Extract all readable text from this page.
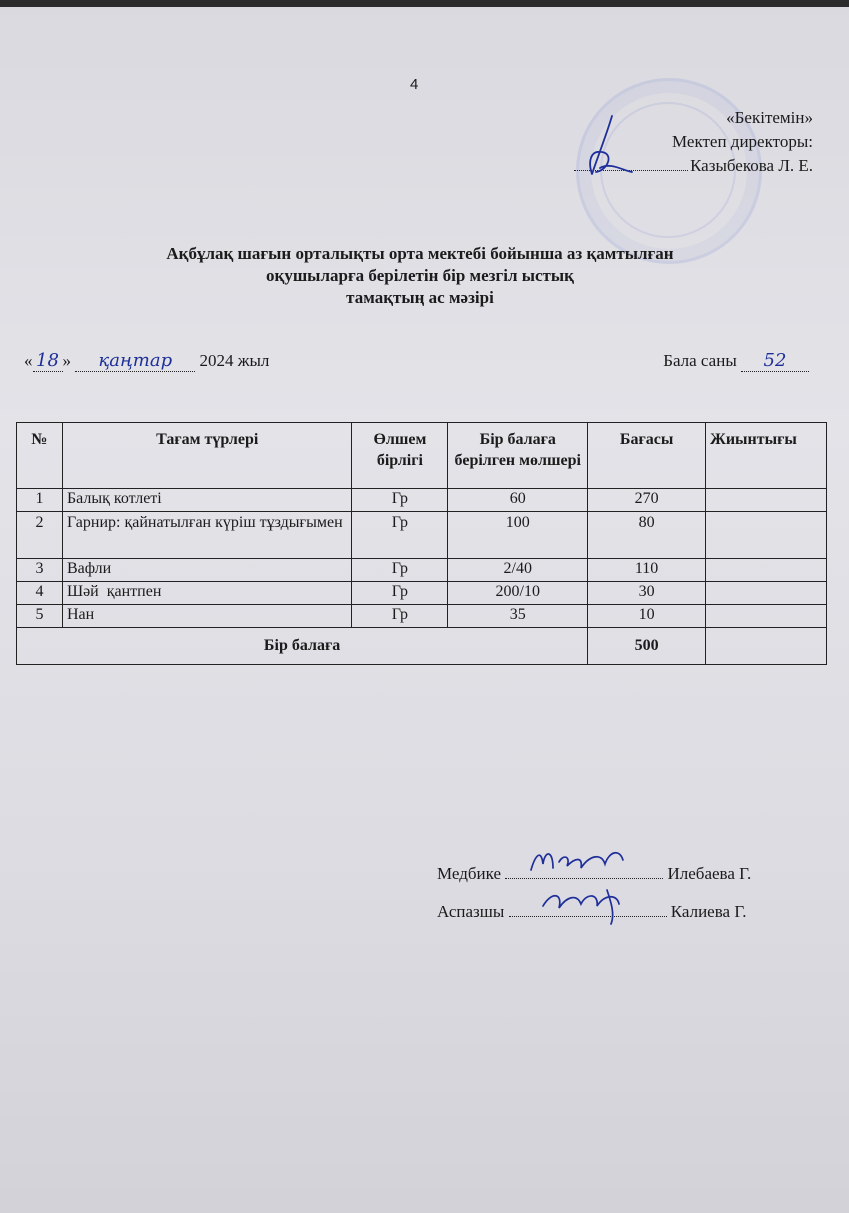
4
«Бекітемін»
Мектеп директоры:
Казыбекова Л. Е.
Ақбұлақ шағын орталықты орта мектебі бойынша аз қамтылған
оқушыларға берілетін бір мезгіл ыстық
тамақтың ас мәзірі
« 18 » қаңтар 2024 жыл	Бала саны 52
№	Тағам түрлері	Өлшем бірлігі	Бір балаға берілген мөлшері	Бағасы	Жиынтығы
1	Балық котлеті	Гр	60	270	
2	Гарнир: қайнатылған күріш тұздығымен	Гр	100	80	
3	Вафли	Гр	2/40	110	
4	Шәй  қантпен	Гр	200/10	30	
5	Нан	Гр	35	10	
Бір балаға				500	
Медбике	Илебаева Г.
Аспазшы	Калиева Г.
